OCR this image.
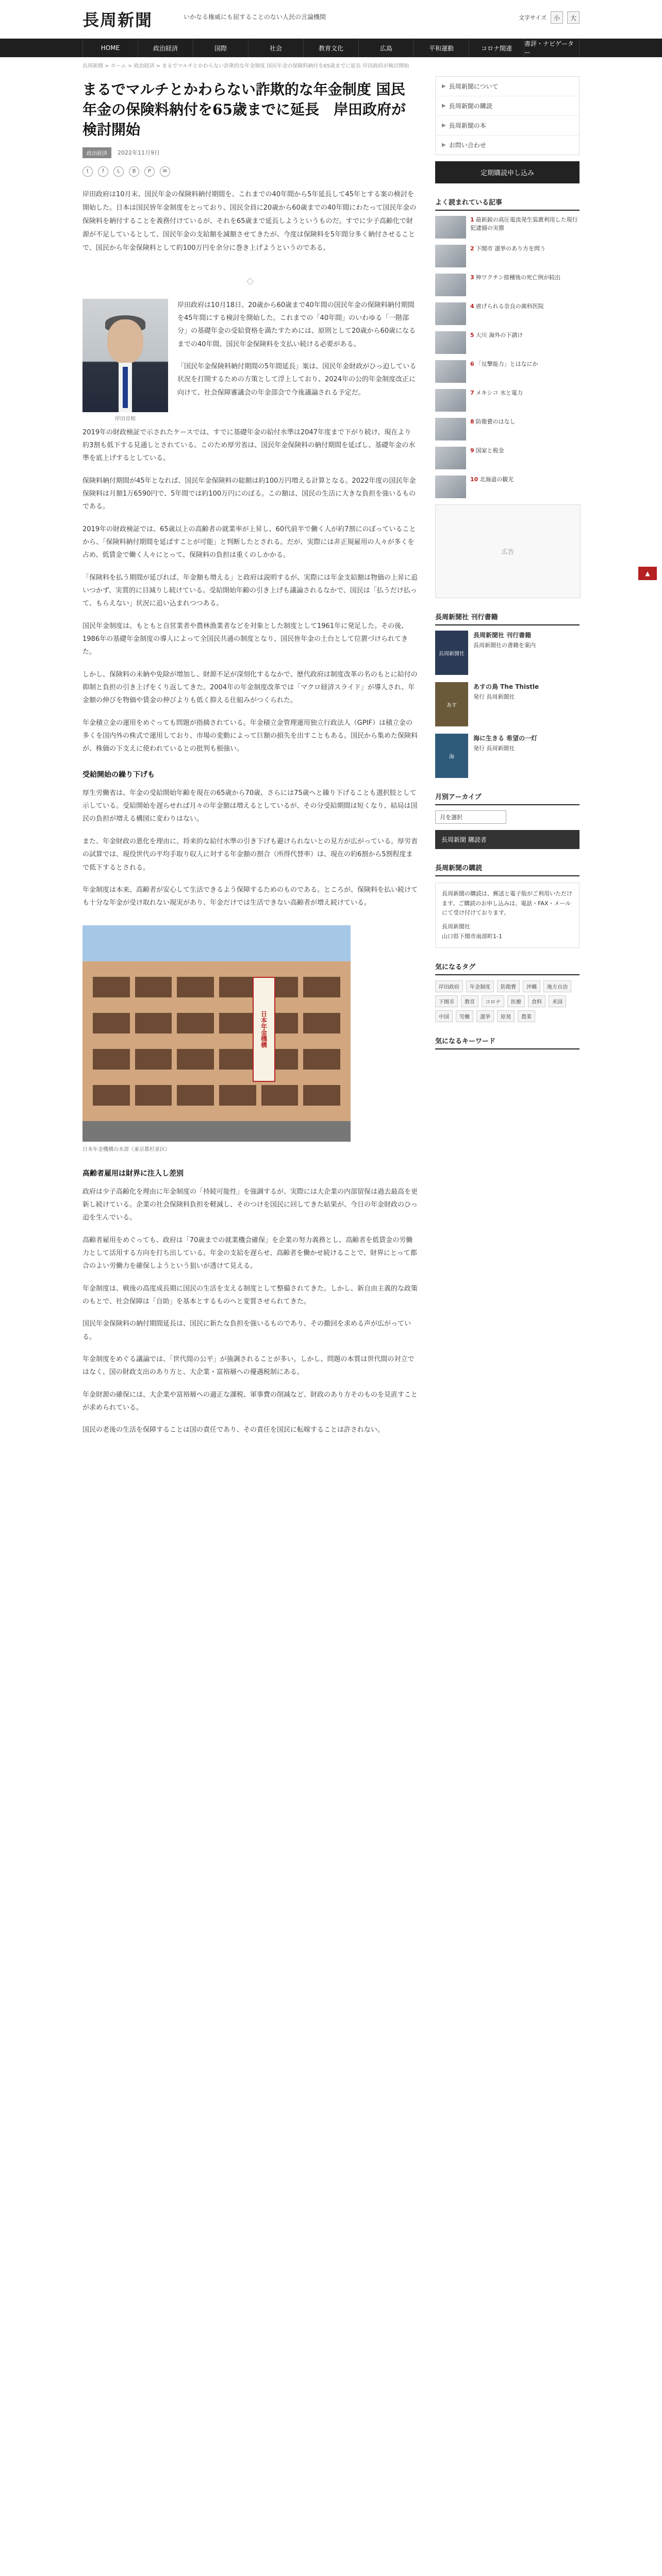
長周新聞	いかなる権威にも屈することのない人民の言論機関	文字サイズ	小	大
HOME	政治経済	国際	社会	教育文化	広島	平和運動	コロナ関連
書評・ナビゲーター
長周新聞 > ホーム > 政治経済 > まるでマルチとかわらない詐欺的な年金制度 国民年金の保険料納付を65歳までに延長 岸田政府が検討開始
まるでマルチとかわらない詐欺的な年金制度 国民年金の保険料納付を65歳までに延長　岸田政府が検討開始
政治経済	2022年11月9日
t	f	L	B	P	✉
岸田政府は10月末、国民年金の保険料納付期間を、これまでの40年間から5年延長して45年とする案の検討を開始した。日本は国民皆年金制度をとっており、国民全員に20歳から60歳までの40年間にわたって国民年金の保険料を納付することを義務付けているが、それを65歳まで延長しようというものだ。すでに少子高齢化で財源が不足しているとして、国民年金の支給額を減額させてきたが、今度は保険料を5年間分多く納付させることで、国民から年金保険料として約100万円を余分に巻き上げようというのである。
◇
岸田首相

岸田政府は10月18日、20歳から60歳まで40年間の国民年金の保険料納付期間を45年間にする検討を開始した。これまでの「40年間」のいわゆる「一階部分」の基礎年金の受給資格を満たすためには、原則として20歳から60歳になるまでの40年間、国民年金保険料を支払い続ける必要がある。

「国民年金保険料納付期間の5年間延長」案は、国民年金財政がひっ迫している状況を打開するための方策として浮上しており、2024年の公的年金制度改正に向けて、社会保障審議会の年金部会で今後議論される予定だ。

2019年の財政検証で示されたケースでは、すでに基礎年金の給付水準は2047年度まで下がり続け、現在より約3割も低下する見通しとされている。このため厚労省は、国民年金保険料の納付期間を延ばし、基礎年金の水準を底上げするとしている。

保険料納付期間が45年となれば、国民年金保険料の総額は約100万円増える計算となる。2022年度の国民年金保険料は月額1万6590円で、5年間では約100万円にのぼる。この額は、国民の生活に大きな負担を強いるものである。

2019年の財政検証では、65歳以上の高齢者の就業率が上昇し、60代前半で働く人が約7割にのぼっていることから、「保険料納付期間を延ばすことが可能」と判断したとされる。だが、実際には非正規雇用の人々が多くを占め、低賃金で働く人々にとって、保険料の負担は重くのしかかる。

「保険料を払う期間が延びれば、年金額も増える」と政府は説明するが、実際には年金支給額は物価の上昇に追いつかず、実質的に目減りし続けている。受給開始年齢の引き上げも議論されるなかで、国民は「払うだけ払って、もらえない」状況に追い込まれつつある。

国民年金制度は、もともと自営業者や農林漁業者などを対象とした制度として1961年に発足した。その後、1986年の基礎年金制度の導入によって全国民共通の制度となり、国民皆年金の土台として位置づけられてきた。

しかし、保険料の未納や免除が増加し、財源不足が深刻化するなかで、歴代政府は制度改革の名のもとに給付の抑制と負担の引き上げをくり返してきた。2004年の年金制度改革では「マクロ経済スライド」が導入され、年金額の伸びを物価や賃金の伸びよりも低く抑える仕組みがつくられた。

年金積立金の運用をめぐっても問題が指摘されている。年金積立金管理運用独立行政法人（GPIF）は積立金の多くを国内外の株式で運用しており、市場の変動によって巨額の損失を出すこともある。国民から集めた保険料が、株価の下支えに使われているとの批判も根強い。

受給開始の繰り下げも

厚生労働省は、年金の受給開始年齢を現在の65歳から70歳、さらには75歳へと繰り下げることも選択肢として示している。受給開始を遅らせれば月々の年金額は増えるとしているが、その分受給期間は短くなり、結局は国民の負担が増える構図に変わりはない。

また、年金財政の悪化を理由に、将来的な給付水準の引き下げも避けられないとの見方が広がっている。厚労省の試算では、現役世代の平均手取り収入に対する年金額の割合（所得代替率）は、現在の約6割から5割程度まで低下するとされる。

年金制度は本来、高齢者が安心して生活できるよう保障するためのものである。ところが、保険料を払い続けても十分な年金が受け取れない現実があり、年金だけでは生活できない高齢者が増え続けている。

日本年金機構
日本年金機構の本部（東京都杉並区）
高齢者雇用は財界に注入し差別

政府は少子高齢化を理由に年金制度の「持続可能性」を強調するが、実際には大企業の内部留保は過去最高を更新し続けている。企業の社会保険料負担を軽減し、そのつけを国民に回してきた結果が、今日の年金財政のひっ迫を生んでいる。

高齢者雇用をめぐっても、政府は「70歳までの就業機会確保」を企業の努力義務とし、高齢者を低賃金の労働力として活用する方向を打ち出している。年金の支給を遅らせ、高齢者を働かせ続けることで、財界にとって都合のよい労働力を確保しようという狙いが透けて見える。

年金制度は、戦後の高度成長期に国民の生活を支える制度として整備されてきた。しかし、新自由主義的な政策のもとで、社会保障は「自助」を基本とするものへと変質させられてきた。

国民年金保険料の納付期間延長は、国民に新たな負担を強いるものであり、その撤回を求める声が広がっている。

年金制度をめぐる議論では、「世代間の公平」が強調されることが多い。しかし、問題の本質は世代間の対立ではなく、国の財政支出のあり方と、大企業・富裕層への優遇税制にある。

年金財源の確保には、大企業や富裕層への適正な課税、軍事費の削減など、財政のあり方そのものを見直すことが求められている。

国民の老後の生活を保障することは国の責任であり、その責任を国民に転嫁することは許されない。

▶ 長周新聞について
▶ 長周新聞の購読
▶ 長周新聞の本
▶ お問い合わせ
定期購読申し込み
よく読まれている記事
1 最新鋭の高圧電流発生装置利用した現行犯逮捕の実態
2 下関市 選挙のあり方を問う
3 神ワクチン接種後の死亡例が続出
4 虐げられる奈良の歯科医院
5 大川 海外の下請け
6 「反撃能力」とはなにか
7 メキシコ 水と電力
8 防衛費のはなし
9 国家と税金
10 北海道の観光
広告
長周新聞社 刊行書籍
長周新聞社
長周新聞社 刊行書籍
長周新聞社の書籍を案内
あす
あすの鳥 The Thistle
発行 長周新聞社
海
海に生きる 希望の一灯
発行 長周新聞社
月別アーカイブ
月を選択
長周新聞 購読者
長周新聞の購読
長周新聞の購読は、郵送と電子版がご利用いただけます。ご購読のお申し込みは、電話・FAX・メールにて受け付けております。
長周新聞社
山口県下関市南部町1-1
気になるタグ
岸田政府	年金制度	防衛費	沖縄	地方自治
下関市	教育	コロナ	医療	食料	米国
中国	労働	選挙	原発	農業
気になるキーワード
▲
